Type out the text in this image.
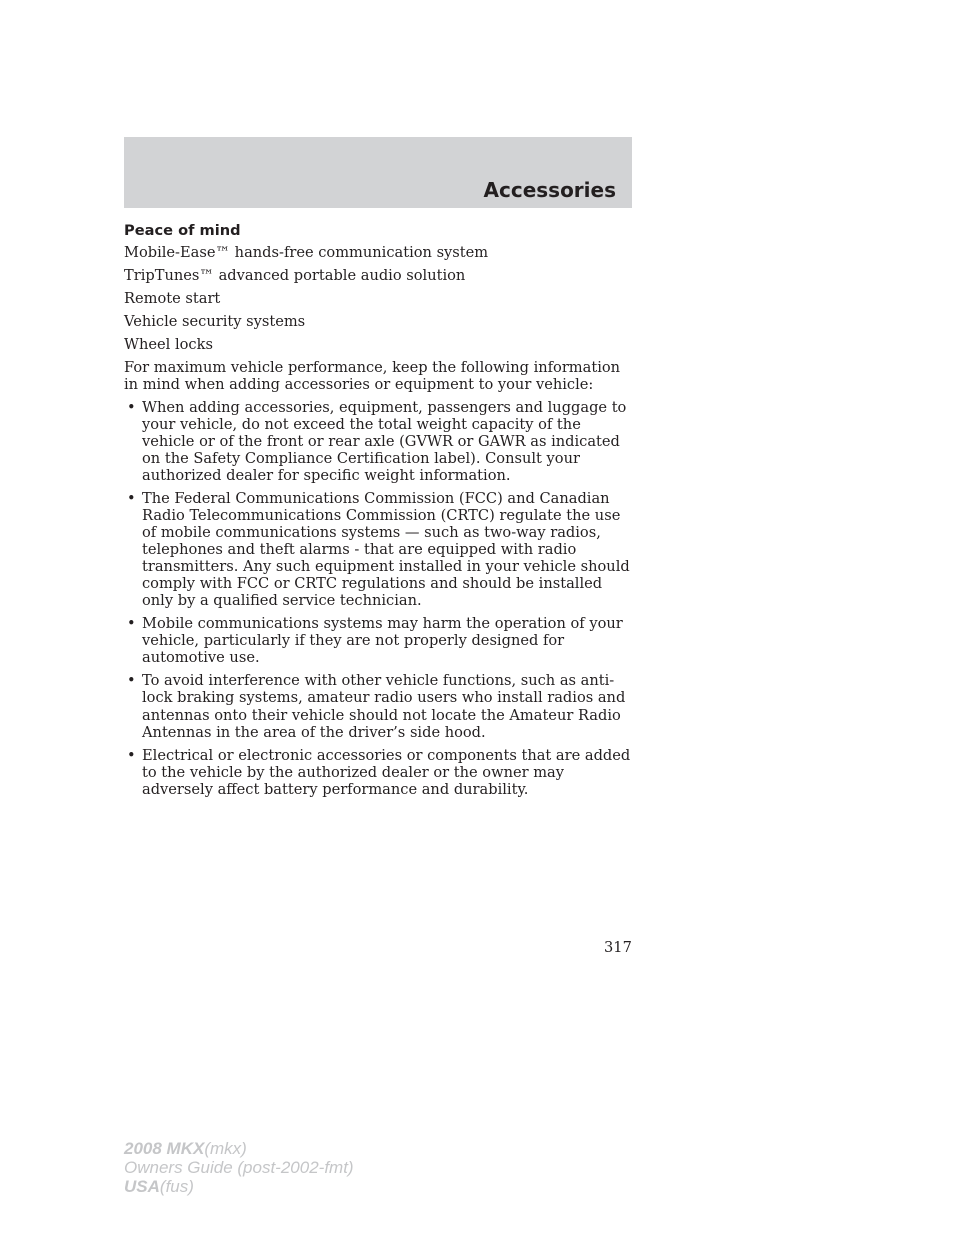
Accessories
Peace of mind
Mobile-Ease™ hands-free communication system
TripTunes™ advanced portable audio solution
Remote start
Vehicle security systems
Wheel locks
For maximum vehicle performance, keep the following information in mind when adding accessories or equipment to your vehicle:
• When adding accessories, equipment, passengers and luggage to your vehicle, do not exceed the total weight capacity of the vehicle or of the front or rear axle (GVWR or GAWR as indicated on the Safety Compliance Certification label). Consult your authorized dealer for specific weight information.
• The Federal Communications Commission (FCC) and Canadian Radio Telecommunications Commission (CRTC) regulate the use of mobile communications systems — such as two-way radios, telephones and theft alarms - that are equipped with radio transmitters. Any such equipment installed in your vehicle should comply with FCC or CRTC regulations and should be installed only by a qualified service technician.
• Mobile communications systems may harm the operation of your vehicle, particularly if they are not properly designed for automotive use.
• To avoid interference with other vehicle functions, such as anti-lock braking systems, amateur radio users who install radios and antennas onto their vehicle should not locate the Amateur Radio Antennas in the area of the driver’s side hood.
• Electrical or electronic accessories or components that are added to the vehicle by the authorized dealer or the owner may adversely affect battery performance and durability.
317
2008 MKX(mkx)
Owners Guide (post-2002-fmt)
USA(fus)
